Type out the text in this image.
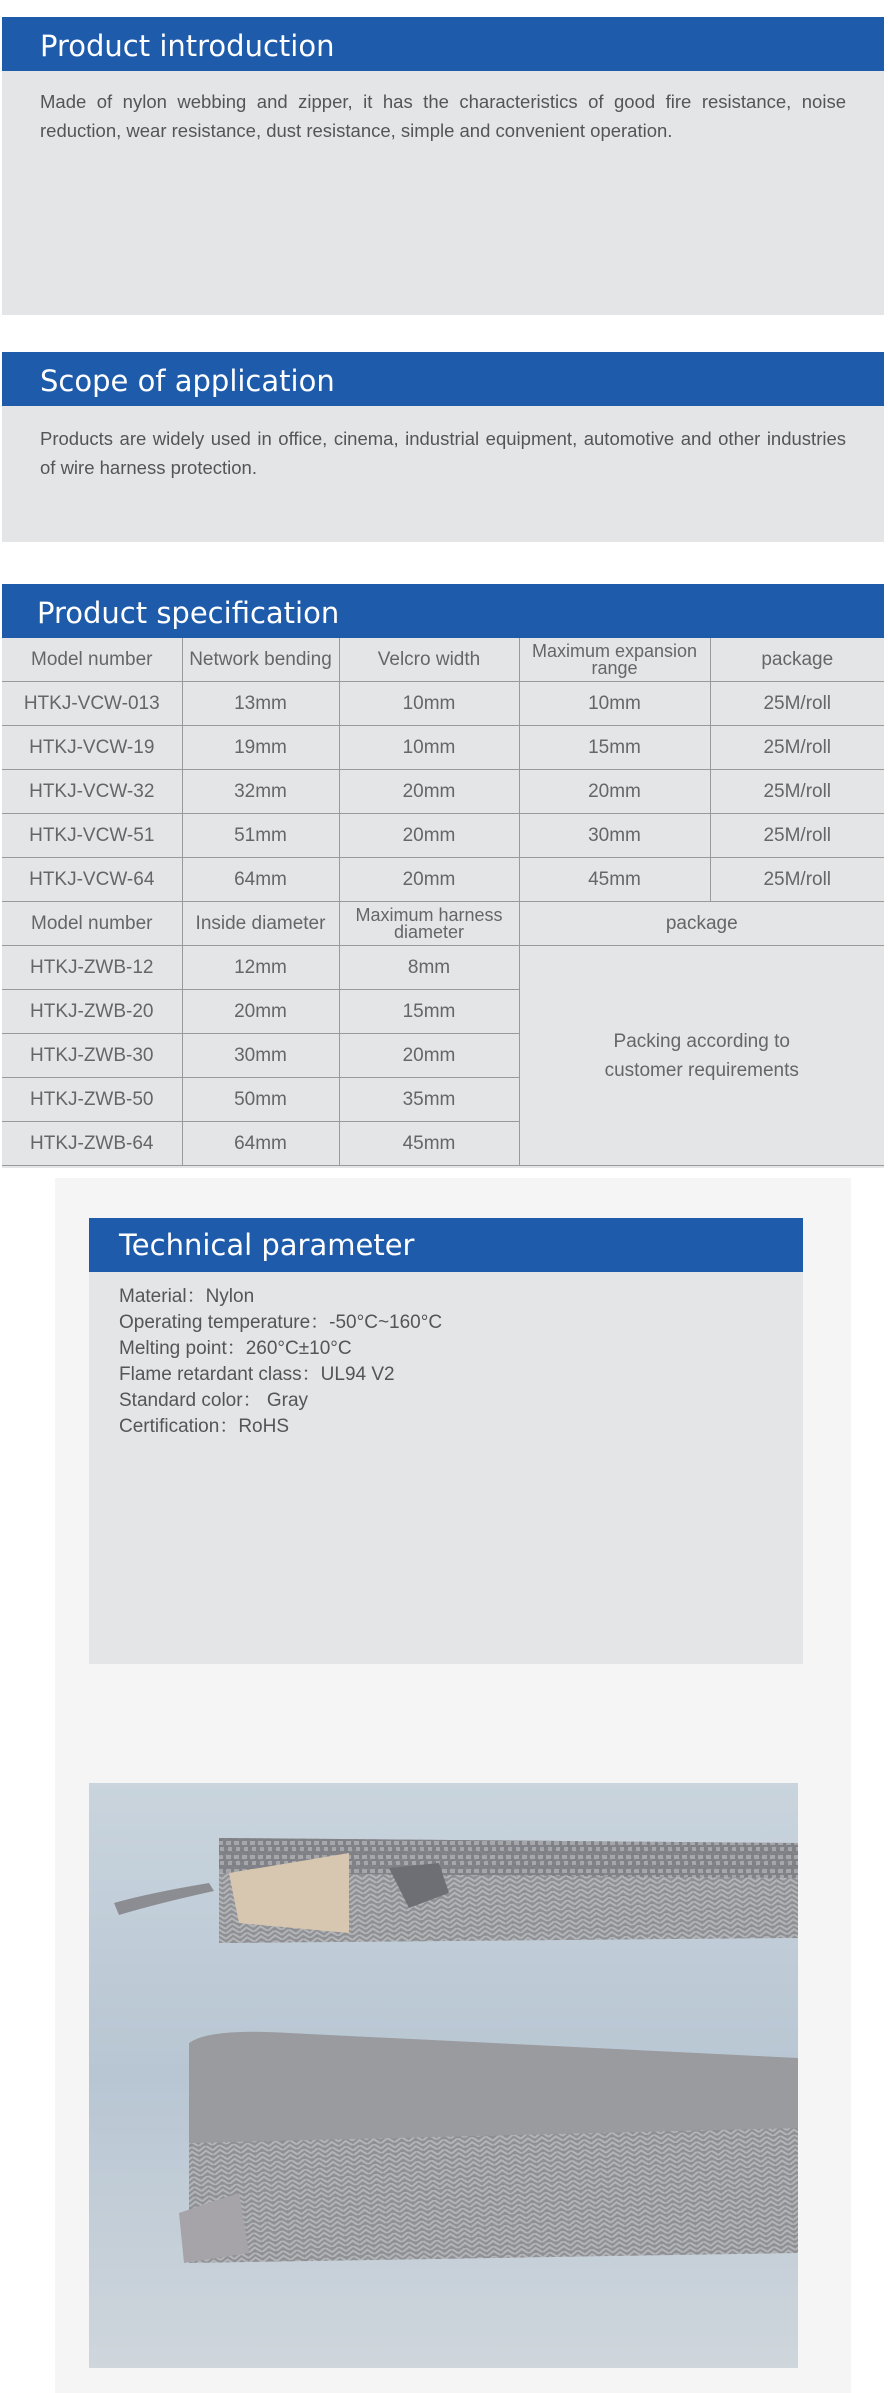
Product introduction
Made of nylon webbing and zipper, it has the characteristics of good fire resistance, noise reduction, wear resistance, dust resistance, simple and convenient operation.
Scope of application
Products are widely used in office, cinema, industrial equipment, automotive and other industries of wire harness protection.
Product specification
Model number	Network bending	Velcro width	Maximum expansion range	package
HTKJ-VCW-013	13mm	10mm	10mm	25M/roll
HTKJ-VCW-19	19mm	10mm	15mm	25M/roll
HTKJ-VCW-32	32mm	20mm	20mm	25M/roll
HTKJ-VCW-51	51mm	20mm	30mm	25M/roll
HTKJ-VCW-64	64mm	20mm	45mm	25M/roll
Model number	Inside diameter	Maximum harness diameter	package	
HTKJ-ZWB-12	12mm	8mm	Packing according to customer requirements	

HTKJ-ZWB-20	20mm	15mm		
HTKJ-ZWB-30	30mm	20mm		
HTKJ-ZWB-50	50mm	35mm		
HTKJ-ZWB-64	64mm	45mm		
Technical parameter
Material：Nylon
Operating temperature：-50°C~160°C
Melting point：260°C±10°C
Flame retardant class：UL94 V2
Standard color： Gray
Certification：RoHS
